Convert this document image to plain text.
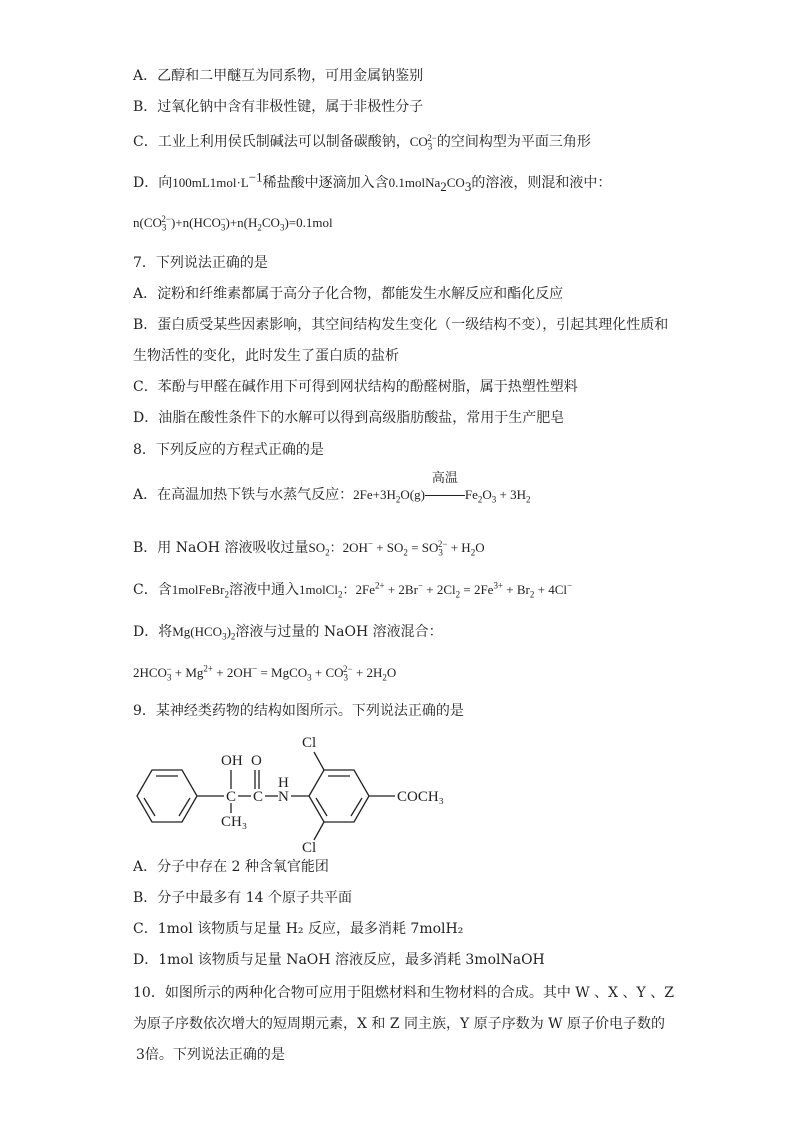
A．乙醇和二甲醚互为同系物，可用金属钠鉴别
B．过氧化钠中含有非极性键，属于非极性分子
C．工业上利用侯氏制碱法可以制备碳酸钠，$CO_3^{2-}$的空间构型为平面三角形
D．向$100mL1mol\cdot L^{-1}$稀盐酸中逐滴加入含$0.1molNa_2CO_3$的溶液，则混和液中：
$n(CO_3^{2-})+n(HCO_3^-)+n(H_2CO_3)=0.1mol$
7．下列说法正确的是
A．淀粉和纤维素都属于高分子化合物，都能发生水解反应和酯化反应
B．蛋白质受某些因素影响，其空间结构发生变化（一级结构不变），引起其理化性质和
生物活性的变化，此时发生了蛋白质的盐析
C．苯酚与甲醛在碱作用下可得到网状结构的酚醛树脂，属于热塑性塑料
D．油脂在酸性条件下的水解可以得到高级脂肪酸盐，常用于生产肥皂
8．下列反应的方程式正确的是
A．在高温加热下铁与水蒸气反应：$2Fe+3H_2O(g)$
高温
$Fe_2O_3 + 3H_2$
B．用 NaOH 溶液吸收过量$SO_2$：$2OH^- + SO_2 = SO_3^{2-} + H_2O$
C．含1molFeBr$_2$溶液中通入1molCl$_2$：$2Fe^{2+} + 2Br^- + 2Cl_2 = 2Fe^{3+} + Br_2 + 4Cl^-$
D．将$Mg(HCO_3)_2$溶液与过量的 NaOH 溶液混合：
$2HCO_3^- + Mg^{2+} + 2OH^-$ = MgCO$_3$ + $CO_3^{2-} + 2H_2O$
9．某神经类药物的结构如图所示。下列说法正确的是
OH
C
CH₃
O
C
H
N
Cl
Cl
COCH₃
A．分子中存在 2 种含氧官能团
B．分子中最多有 14 个原子共平面
C．1mol 该物质与足量 H₂ 反应，最多消耗 7molH₂
D．1mol 该物质与足量 NaOH 溶液反应，最多消耗 3molNaOH
10．如图所示的两种化合物可应用于阻燃材料和生物材料的合成。其中 W 、X 、Y 、Z
为原子序数依次增大的短周期元素，X 和 Z 同主族，Y 原子序数为 W 原子价电子数的
3倍。下列说法正确的是
